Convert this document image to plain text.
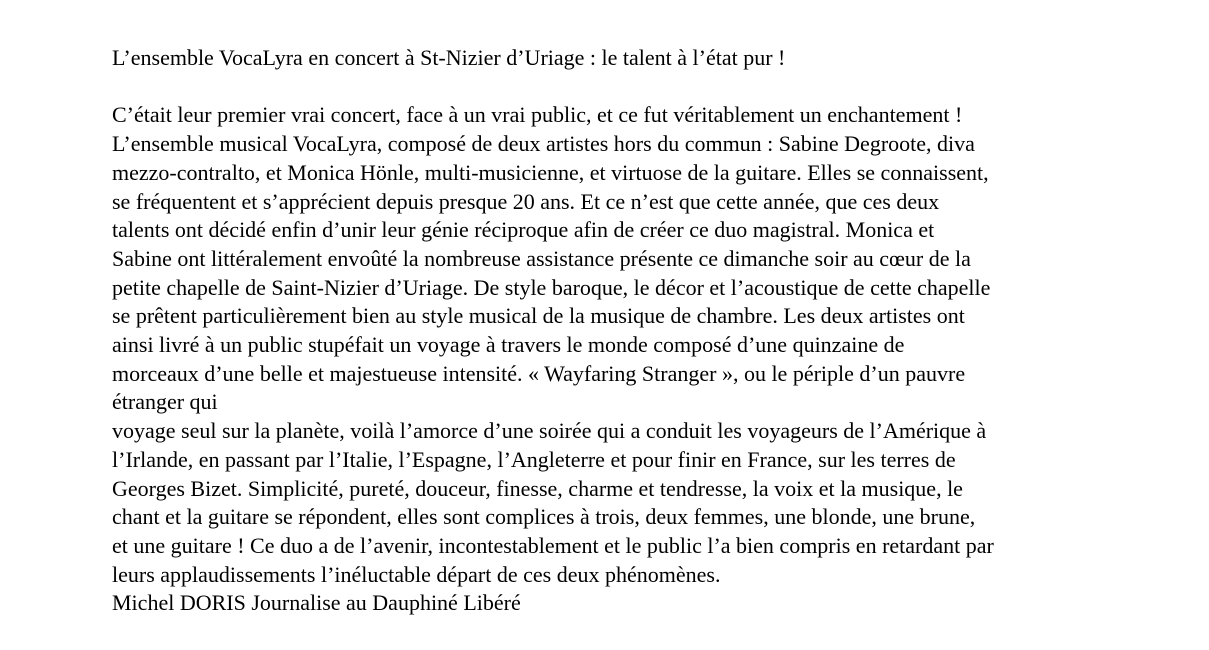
L’ensemble VocaLyra en concert à St-Nizier d’Uriage : le talent à l’état pur !
C’était leur premier vrai concert, face à un vrai public, et ce fut véritablement un enchantement !
L’ensemble musical VocaLyra, composé de deux artistes hors du commun : Sabine Degroote, diva
mezzo-contralto, et Monica Hönle, multi-musicienne, et virtuose de la guitare. Elles se connaissent,
se fréquentent et s’apprécient depuis presque 20 ans. Et ce n’est que cette année, que ces deux
talents ont décidé enfin d’unir leur génie réciproque afin de créer ce duo magistral. Monica et
Sabine ont littéralement envoûté la nombreuse assistance présente ce dimanche soir au cœur de la
petite chapelle de Saint-Nizier d’Uriage. De style baroque, le décor et l’acoustique de cette chapelle
se prêtent particulièrement bien au style musical de la musique de chambre. Les deux artistes ont
ainsi livré à un public stupéfait un voyage à travers le monde composé d’une quinzaine de
morceaux d’une belle et majestueuse intensité. « Wayfaring Stranger », ou le périple d’un pauvre
étranger qui
voyage seul sur la planète, voilà l’amorce d’une soirée qui a conduit les voyageurs de l’Amérique à
l’Irlande, en passant par l’Italie, l’Espagne, l’Angleterre et pour finir en France, sur les terres de
Georges Bizet. Simplicité, pureté, douceur, finesse, charme et tendresse, la voix et la musique, le
chant et la guitare se répondent, elles sont complices à trois, deux femmes, une blonde, une brune,
et une guitare ! Ce duo a de l’avenir, incontestablement et le public l’a bien compris en retardant par
leurs applaudissements l’inéluctable départ de ces deux phénomènes.
Michel DORIS Journalise au Dauphiné Libéré
